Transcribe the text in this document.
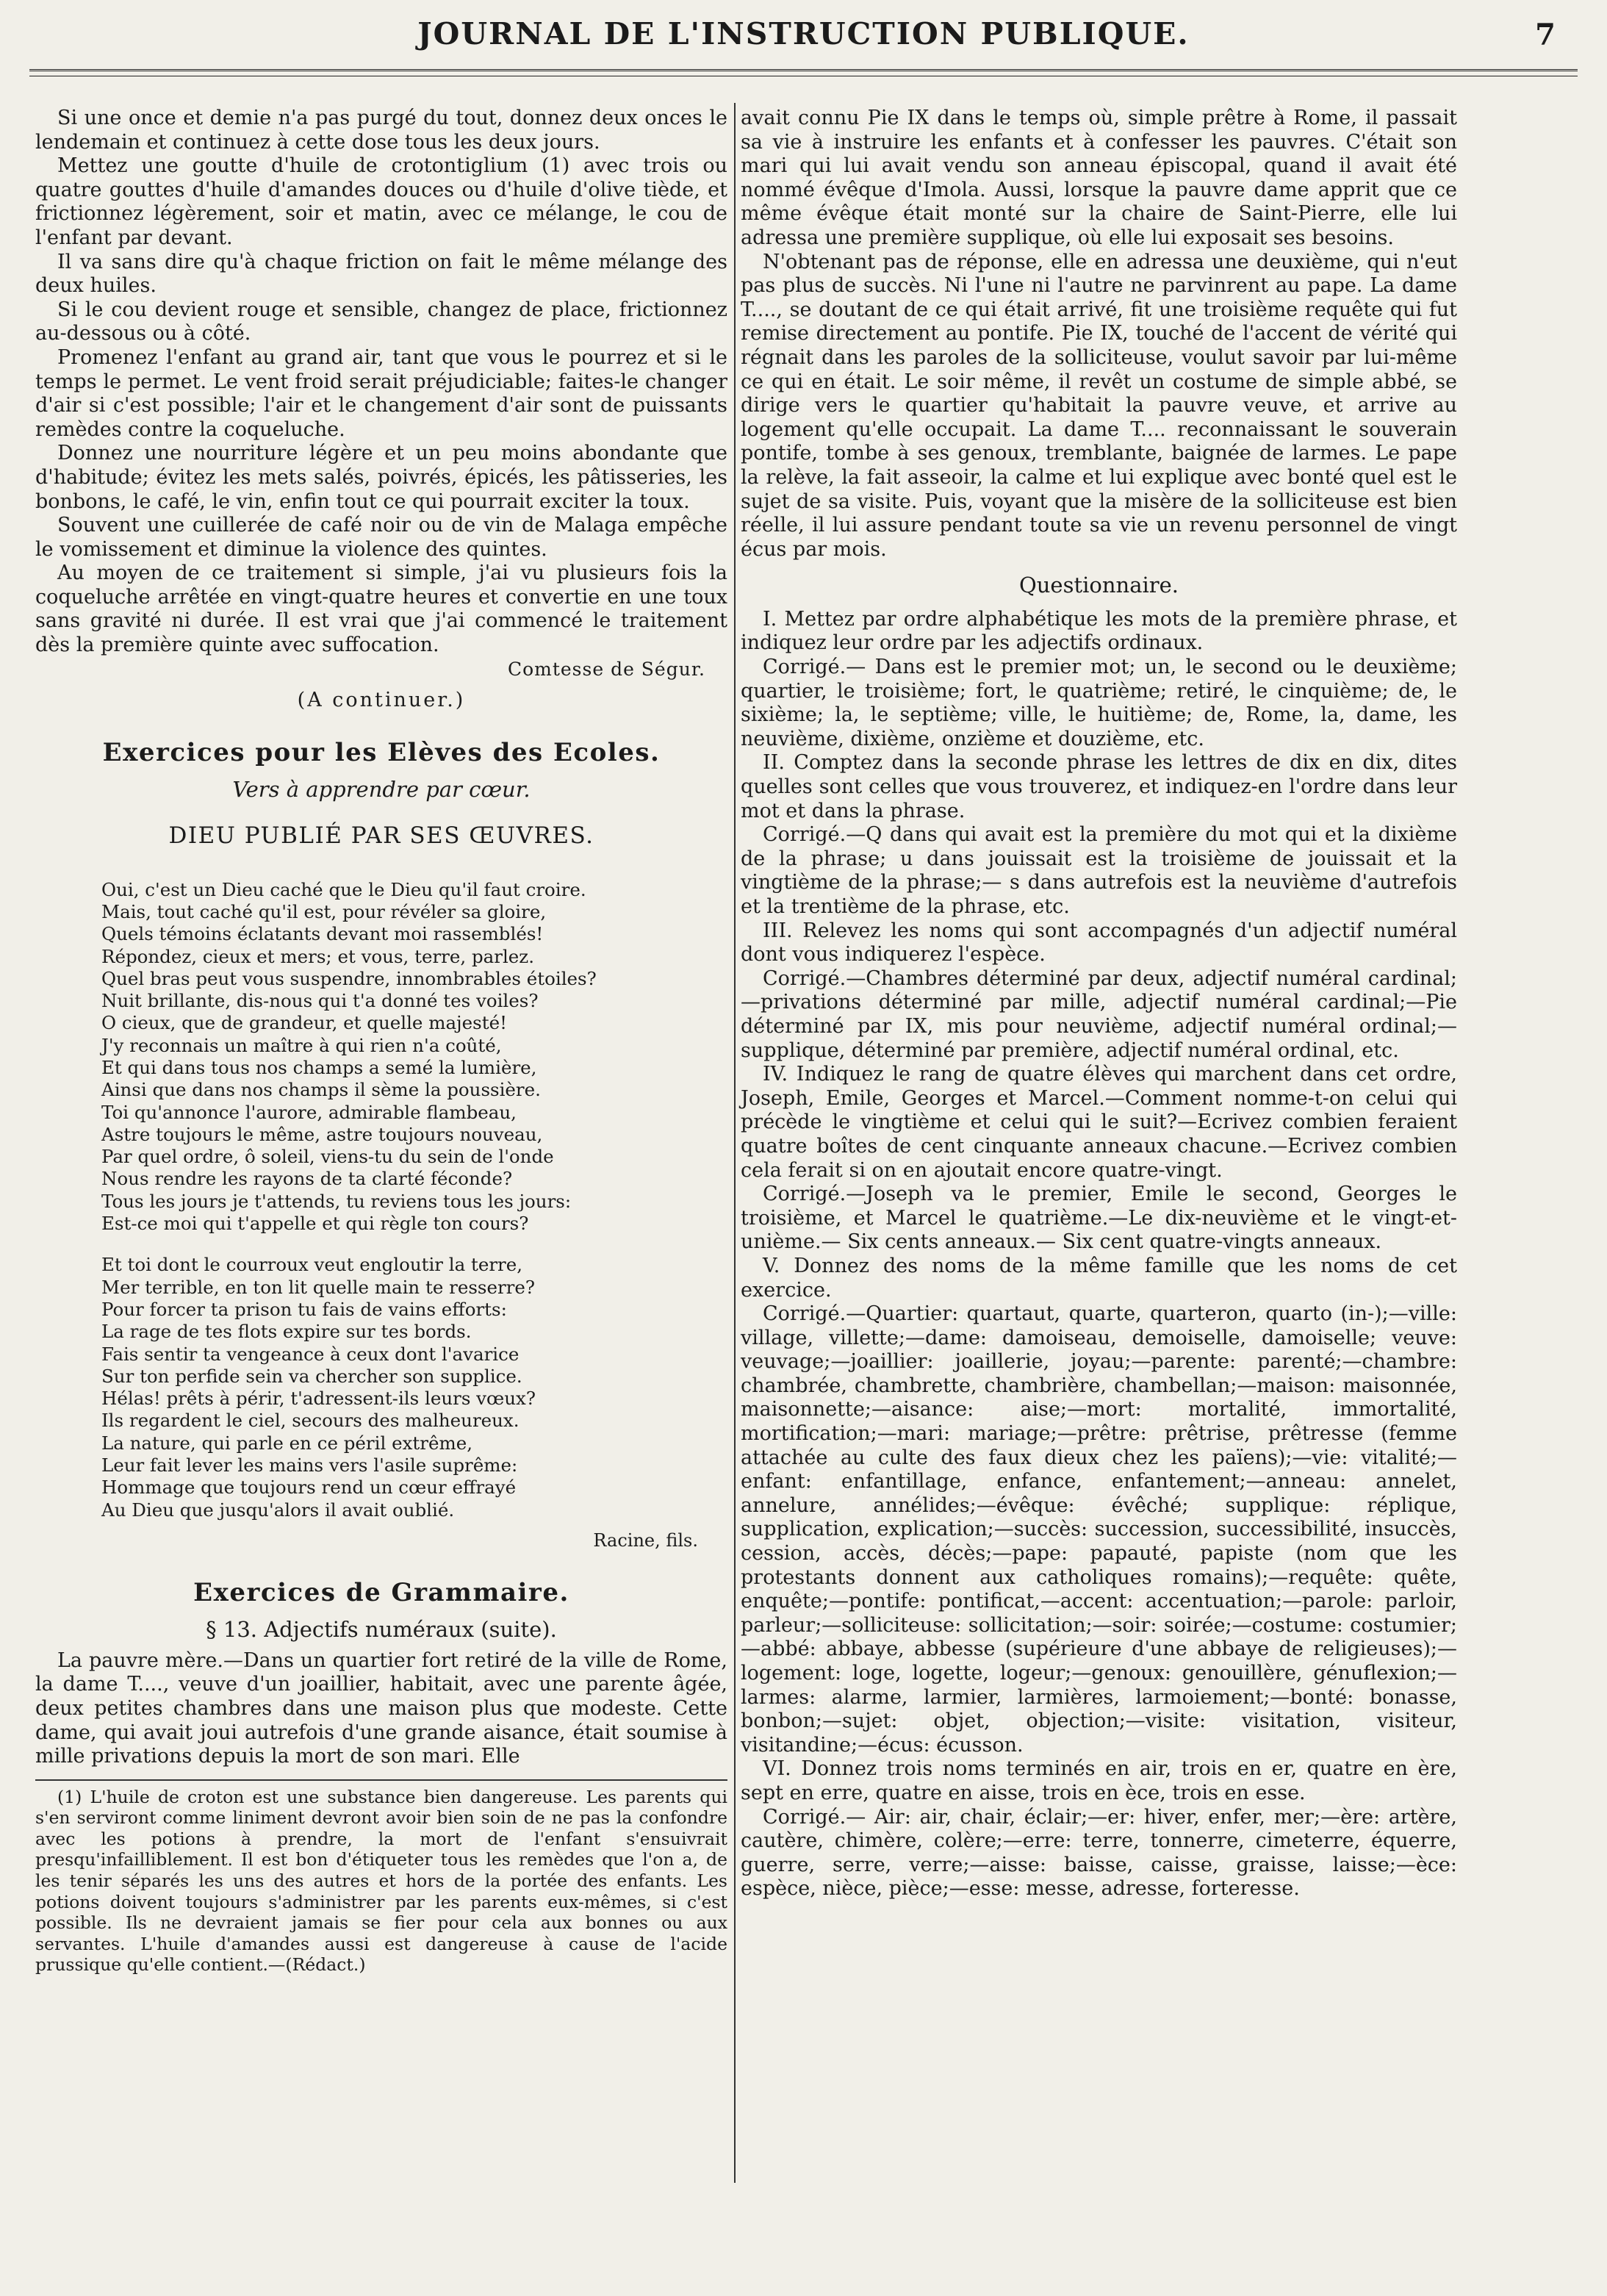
JOURNAL DE L'INSTRUCTION PUBLIQUE.	7

Si une once et demie n'a pas purgé du tout, donnez deux onces le lendemain et continuez à cette dose tous les deux jours.

Mettez une goutte d'huile de crotontiglium (1) avec trois ou quatre gouttes d'huile d'amandes douces ou d'huile d'olive tiède, et frictionnez légèrement, soir et matin, avec ce mélange, le cou de l'enfant par devant.

Il va sans dire qu'à chaque friction on fait le même mélange des deux huiles.

Si le cou devient rouge et sensible, changez de place, frictionnez au-dessous ou à côté.

Promenez l'enfant au grand air, tant que vous le pourrez et si le temps le permet. Le vent froid serait préjudiciable; faites-le changer d'air si c'est possible; l'air et le changement d'air sont de puissants remèdes contre la coqueluche.

Donnez une nourriture légère et un peu moins abondante que d'habitude; évitez les mets salés, poivrés, épicés, les pâtisseries, les bonbons, le café, le vin, enfin tout ce qui pourrait exciter la toux.

Souvent une cuillerée de café noir ou de vin de Malaga empêche le vomissement et diminue la violence des quintes.

Au moyen de ce traitement si simple, j'ai vu plusieurs fois la coqueluche arrêtée en vingt-quatre heures et convertie en une toux sans gravité ni durée. Il est vrai que j'ai commencé le traitement dès la première quinte avec suffocation.

Comtesse de Ségur.
(A continuer.)
Exercices pour les Elèves des Ecoles.
Vers à apprendre par cœur.
DIEU PUBLIÉ PAR SES ŒUVRES.
Oui, c'est un Dieu caché que le Dieu qu'il faut croire.
Mais, tout caché qu'il est, pour révéler sa gloire,
Quels témoins éclatants devant moi rassemblés!
Répondez, cieux et mers; et vous, terre, parlez.
Quel bras peut vous suspendre, innombrables étoiles?
Nuit brillante, dis-nous qui t'a donné tes voiles?
O cieux, que de grandeur, et quelle majesté!
J'y reconnais un maître à qui rien n'a coûté,
Et qui dans tous nos champs a semé la lumière,
Ainsi que dans nos champs il sème la poussière.
Toi qu'annonce l'aurore, admirable flambeau,
Astre toujours le même, astre toujours nouveau,
Par quel ordre, ô soleil, viens-tu du sein de l'onde
Nous rendre les rayons de ta clarté féconde?
Tous les jours je t'attends, tu reviens tous les jours:
Est-ce moi qui t'appelle et qui règle ton cours?
Et toi dont le courroux veut engloutir la terre,
Mer terrible, en ton lit quelle main te resserre?
Pour forcer ta prison tu fais de vains efforts:
La rage de tes flots expire sur tes bords.
Fais sentir ta vengeance à ceux dont l'avarice
Sur ton perfide sein va chercher son supplice.
Hélas! prêts à périr, t'adressent-ils leurs vœux?
Ils regardent le ciel, secours des malheureux.
La nature, qui parle en ce péril extrême,
Leur fait lever les mains vers l'asile suprême:
Hommage que toujours rend un cœur effrayé
Au Dieu que jusqu'alors il avait oublié.
Racine, fils.
Exercices de Grammaire.
§ 13. Adjectifs numéraux (suite).

La pauvre mère.—Dans un quartier fort retiré de la ville de Rome, la dame T...., veuve d'un joaillier, habitait, avec une parente âgée, deux petites chambres dans une maison plus que modeste. Cette dame, qui avait joui autrefois d'une grande aisance, était soumise à mille privations depuis la mort de son mari. Elle

(1) L'huile de croton est une substance bien dangereuse. Les parents qui s'en serviront comme liniment devront avoir bien soin de ne pas la confondre avec les potions à prendre, la mort de l'enfant s'ensuivrait presqu'infailliblement. Il est bon d'étiqueter tous les remèdes que l'on a, de les tenir séparés les uns des autres et hors de la portée des enfants. Les potions doivent toujours s'administrer par les parents eux-mêmes, si c'est possible. Ils ne devraient jamais se fier pour cela aux bonnes ou aux servantes. L'huile d'amandes aussi est dangereuse à cause de l'acide prussique qu'elle contient.—(Rédact.)

avait connu Pie IX dans le temps où, simple prêtre à Rome, il passait sa vie à instruire les enfants et à confesser les pauvres. C'était son mari qui lui avait vendu son anneau épiscopal, quand il avait été nommé évêque d'Imola. Aussi, lorsque la pauvre dame apprit que ce même évêque était monté sur la chaire de Saint-Pierre, elle lui adressa une première supplique, où elle lui exposait ses besoins.

N'obtenant pas de réponse, elle en adressa une deuxième, qui n'eut pas plus de succès. Ni l'une ni l'autre ne parvinrent au pape. La dame T...., se doutant de ce qui était arrivé, fit une troisième requête qui fut remise directement au pontife. Pie IX, touché de l'accent de vérité qui régnait dans les paroles de la solliciteuse, voulut savoir par lui-même ce qui en était. Le soir même, il revêt un costume de simple abbé, se dirige vers le quartier qu'habitait la pauvre veuve, et arrive au logement qu'elle occupait. La dame T.... reconnaissant le souverain pontife, tombe à ses genoux, tremblante, baignée de larmes. Le pape la relève, la fait asseoir, la calme et lui explique avec bonté quel est le sujet de sa visite. Puis, voyant que la misère de la solliciteuse est bien réelle, il lui assure pendant toute sa vie un revenu personnel de vingt écus par mois.

Questionnaire.

I. Mettez par ordre alphabétique les mots de la première phrase, et indiquez leur ordre par les adjectifs ordinaux.

Corrigé.— Dans est le premier mot; un, le second ou le deuxième; quartier, le troisième; fort, le quatrième; retiré, le cinquième; de, le sixième; la, le septième; ville, le huitième; de, Rome, la, dame, les neuvième, dixième, onzième et douzième, etc.

II. Comptez dans la seconde phrase les lettres de dix en dix, dites quelles sont celles que vous trouverez, et indiquez-en l'ordre dans leur mot et dans la phrase.

Corrigé.—Q dans qui avait est la première du mot qui et la dixième de la phrase; u dans jouissait est la troisième de jouissait et la vingtième de la phrase;— s dans autrefois est la neuvième d'autrefois et la trentième de la phrase, etc.

III. Relevez les noms qui sont accompagnés d'un adjectif numéral dont vous indiquerez l'espèce.

Corrigé.—Chambres déterminé par deux, adjectif numéral cardinal;—privations déterminé par mille, adjectif numéral cardinal;—Pie déterminé par IX, mis pour neuvième, adjectif numéral ordinal;—supplique, déterminé par première, adjectif numéral ordinal, etc.

IV. Indiquez le rang de quatre élèves qui marchent dans cet ordre, Joseph, Emile, Georges et Marcel.—Comment nomme-t-on celui qui précède le vingtième et celui qui le suit?—Ecrivez combien feraient quatre boîtes de cent cinquante anneaux chacune.—Ecrivez combien cela ferait si on en ajoutait encore quatre-vingt.

Corrigé.—Joseph va le premier, Emile le second, Georges le troisième, et Marcel le quatrième.—Le dix-neuvième et le vingt-et-unième.— Six cents anneaux.— Six cent quatre-vingts anneaux.

V. Donnez des noms de la même famille que les noms de cet exercice.

Corrigé.—Quartier: quartaut, quarte, quarteron, quarto (in-);—ville: village, villette;—dame: damoiseau, demoiselle, damoiselle; veuve: veuvage;—joaillier: joaillerie, joyau;—parente: parenté;—chambre: chambrée, chambrette, chambrière, chambellan;—maison: maisonnée, maisonnette;—aisance: aise;—mort: mortalité, immortalité, mortification;—mari: mariage;—prêtre: prêtrise, prêtresse (femme attachée au culte des faux dieux chez les païens);—vie: vitalité;—enfant: enfantillage, enfance, enfantement;—anneau: annelet, annelure, annélides;—évêque: évêché; supplique: réplique, supplication, explication;—succès: succession, successibilité, insuccès, cession, accès, décès;—pape: papauté, papiste (nom que les protestants donnent aux catholiques romains);—requête: quête, enquête;—pontife: pontificat,—accent: accentuation;—parole: parloir, parleur;—solliciteuse: sollicitation;—soir: soirée;—costume: costumier;—abbé: abbaye, abbesse (supérieure d'une abbaye de religieuses);—logement: loge, logette, logeur;—genoux: genouillère, génuflexion;—larmes: alarme, larmier, larmières, larmoiement;—bonté: bonasse, bonbon;—sujet: objet, objection;—visite: visitation, visiteur, visitandine;—écus: écusson.

VI. Donnez trois noms terminés en air, trois en er, quatre en ère, sept en erre, quatre en aisse, trois en èce, trois en esse.

Corrigé.— Air: air, chair, éclair;—er: hiver, enfer, mer;—ère: artère, cautère, chimère, colère;—erre: terre, tonnerre, cimeterre, équerre, guerre, serre, verre;—aisse: baisse, caisse, graisse, laisse;—èce: espèce, nièce, pièce;—esse: messe, adresse, forteresse.
